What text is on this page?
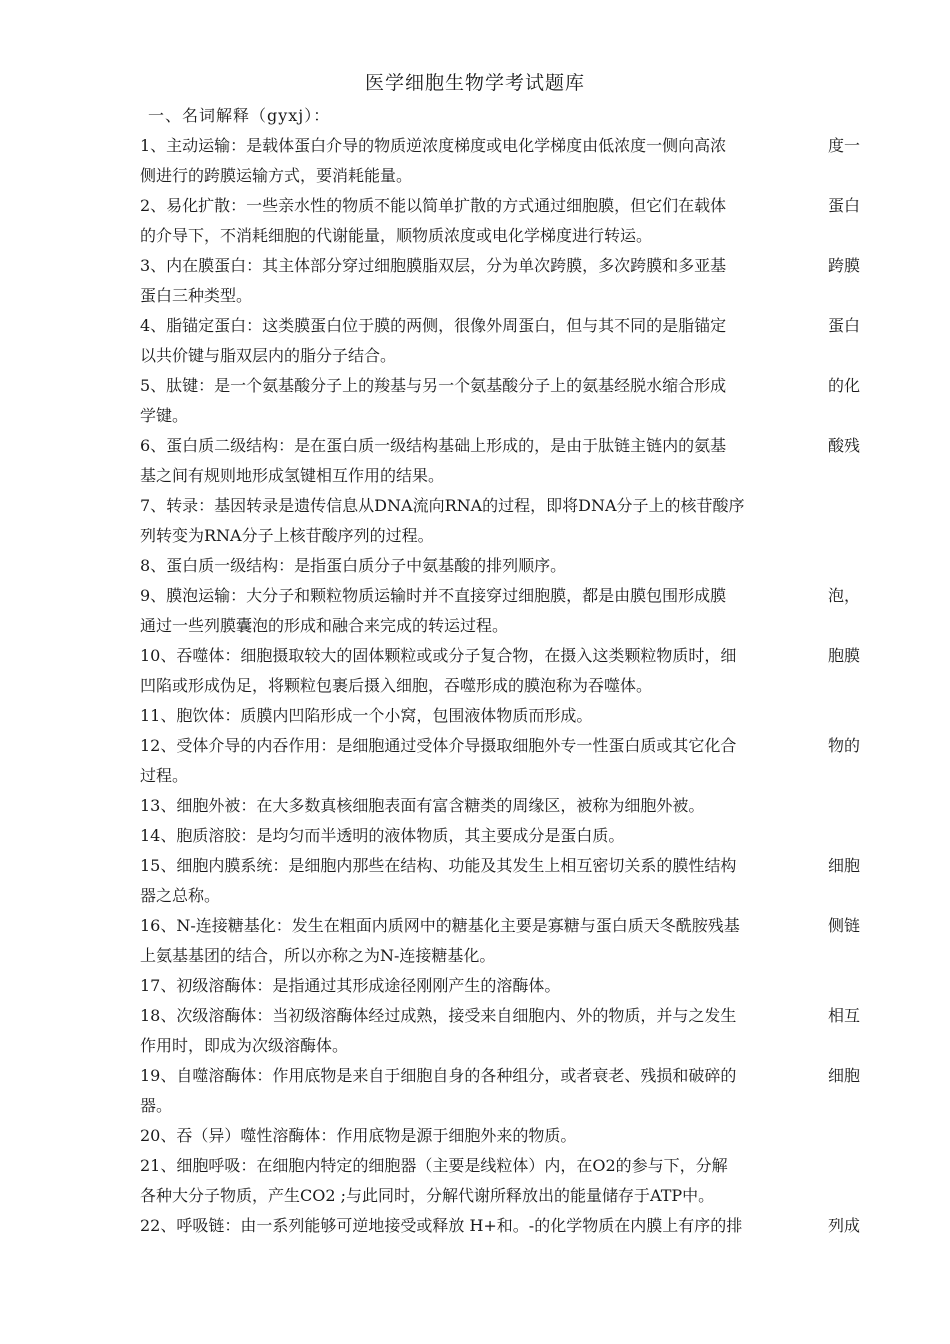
医学细胞生物学考试题库
一、名词解释（gyxj）：
1、主动运输：是载体蛋白介导的物质逆浓度梯度或电化学梯度由低浓度一侧向高浓	度一
侧进行的跨膜运输方式，要消耗能量。
2、易化扩散：一些亲水性的物质不能以简单扩散的方式通过细胞膜，但它们在载体	蛋白
的介导下，不消耗细胞的代谢能量，顺物质浓度或电化学梯度进行转运。
3、内在膜蛋白：其主体部分穿过细胞膜脂双层，分为单次跨膜，多次跨膜和多亚基	跨膜
蛋白三种类型。
4、脂锚定蛋白：这类膜蛋白位于膜的两侧，很像外周蛋白，但与其不同的是脂锚定	蛋白
以共价键与脂双层内的脂分子结合。
5、肽键：是一个氨基酸分子上的羧基与另一个氨基酸分子上的氨基经脱水缩合形成	的化
学键。
6、蛋白质二级结构：是在蛋白质一级结构基础上形成的，是由于肽链主链内的氨基	酸残
基之间有规则地形成氢键相互作用的结果。
7、转录：基因转录是遗传信息从DNA流向RNA的过程，即将DNA分子上的核苷酸序
列转变为RNA分子上核苷酸序列的过程。
8、蛋白质一级结构：是指蛋白质分子中氨基酸的排列顺序。
9、膜泡运输：大分子和颗粒物质运输时并不直接穿过细胞膜，都是由膜包围形成膜	泡，
通过一些列膜囊泡的形成和融合来完成的转运过程。
10、吞噬体：细胞摄取较大的固体颗粒或或分子复合物，在摄入这类颗粒物质时，细	胞膜
凹陷或形成伪足，将颗粒包裹后摄入细胞，吞噬形成的膜泡称为吞噬体。
11、胞饮体：质膜内凹陷形成一个小窝，包围液体物质而形成。
12、受体介导的内吞作用：是细胞通过受体介导摄取细胞外专一性蛋白质或其它化合	物的
过程。
13、细胞外被：在大多数真核细胞表面有富含糖类的周缘区，被称为细胞外被。
14、胞质溶胶：是均匀而半透明的液体物质，其主要成分是蛋白质。
15、细胞内膜系统：是细胞内那些在结构、功能及其发生上相互密切关系的膜性结构	细胞
器之总称。
16、N-连接糖基化：发生在粗面内质网中的糖基化主要是寡糖与蛋白质天冬酰胺残基	侧链
上氨基基团的结合，所以亦称之为N-连接糖基化。
17、初级溶酶体：是指通过其形成途径刚刚产生的溶酶体。
18、次级溶酶体：当初级溶酶体经过成熟，接受来自细胞内、外的物质，并与之发生	相互
作用时，即成为次级溶酶体。
19、自噬溶酶体：作用底物是来自于细胞自身的各种组分，或者衰老、残损和破碎的	细胞
器。
20、吞（异）噬性溶酶体：作用底物是源于细胞外来的物质。
21、细胞呼吸：在细胞内特定的细胞器（主要是线粒体）内，在O2的参与下，分解
各种大分子物质，产生CO2 ;与此同时，分解代谢所释放出的能量储存于ATP中。
22、呼吸链：由一系列能够可逆地接受或释放 H+和。-的化学物质在内膜上有序的排	列成
